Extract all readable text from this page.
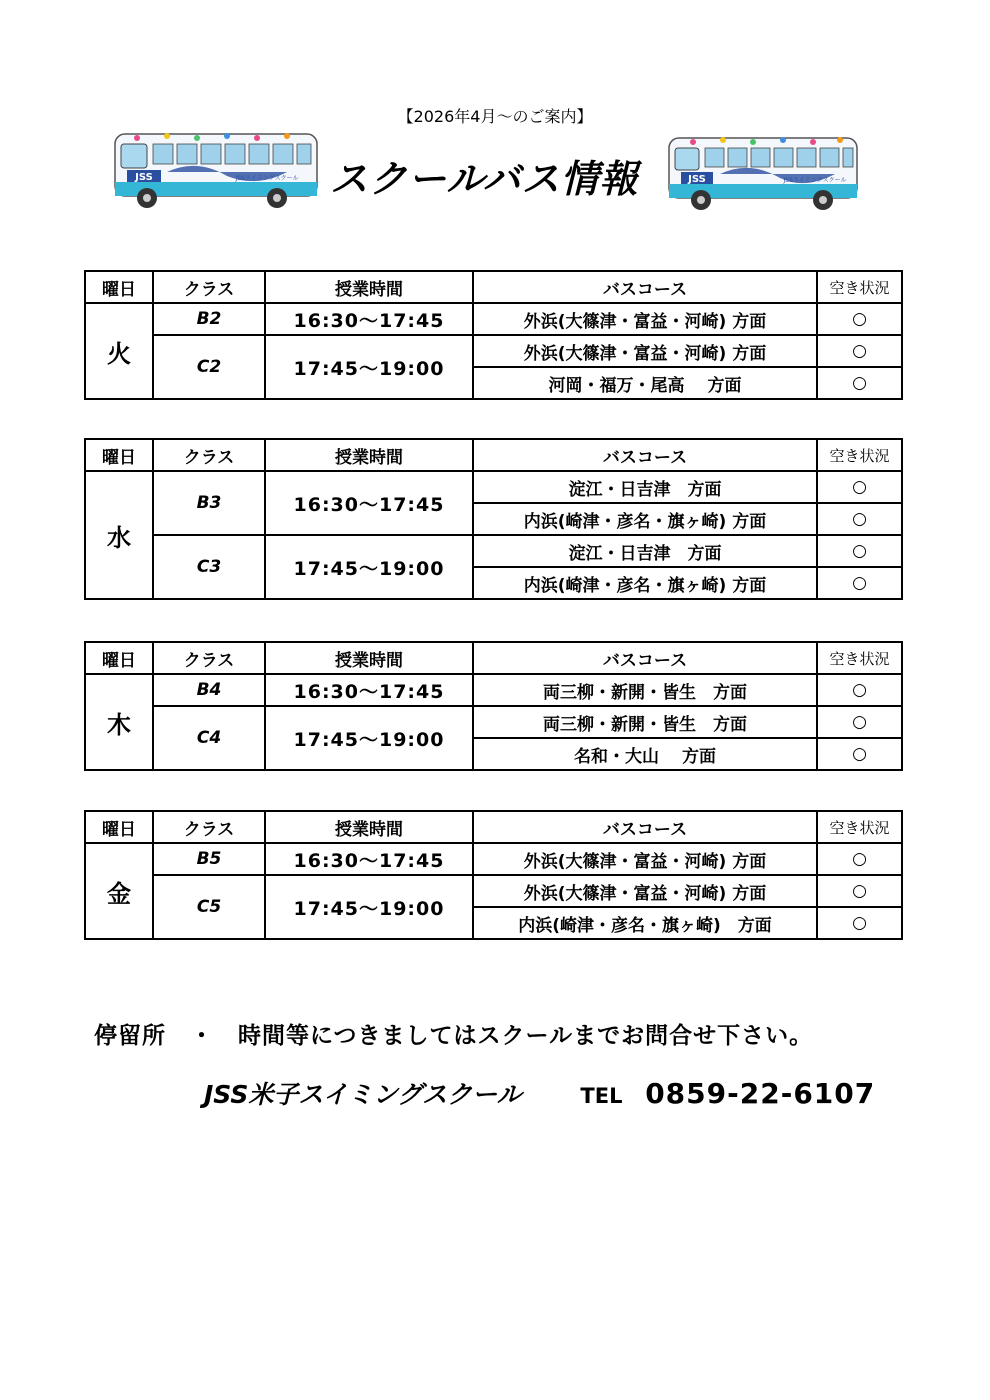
【2026年4月～のご案内】
JSS	JSSスイミングスクール スクールバス情報	JSS	JSSスイミングスクール
曜日	クラス	授業時間	バスコース	空き状況
火	B2	16:30～17:45	外浜(大篠津・富益・河崎) 方面	○
	C2	17:45～19:00	外浜(大篠津・富益・河崎) 方面	○
			河岡・福万・尾高　 方面	○
曜日	クラス	授業時間	バスコース	空き状況
水	B3	16:30～17:45	淀江・日吉津　方面	○
			内浜(崎津・彦名・旗ヶ崎) 方面	○
	C3	17:45～19:00	淀江・日吉津　方面	○
			内浜(崎津・彦名・旗ヶ崎) 方面	○
曜日	クラス	授業時間	バスコース	空き状況
木	B4	16:30～17:45	両三柳・新開・皆生　方面	○
	C4	17:45～19:00	両三柳・新開・皆生　方面	○
			名和・大山　 方面	○
曜日	クラス	授業時間	バスコース	空き状況
金	B5	16:30～17:45	外浜(大篠津・富益・河崎) 方面	○
	C5	17:45～19:00	外浜(大篠津・富益・河崎) 方面	○
			内浜(崎津・彦名・旗ヶ崎)　方面	○
停留所　・　時間等につきましてはスクールまでお問合せ下さい。
JSS米子スイミングスクール	TEL 0859-22-6107
